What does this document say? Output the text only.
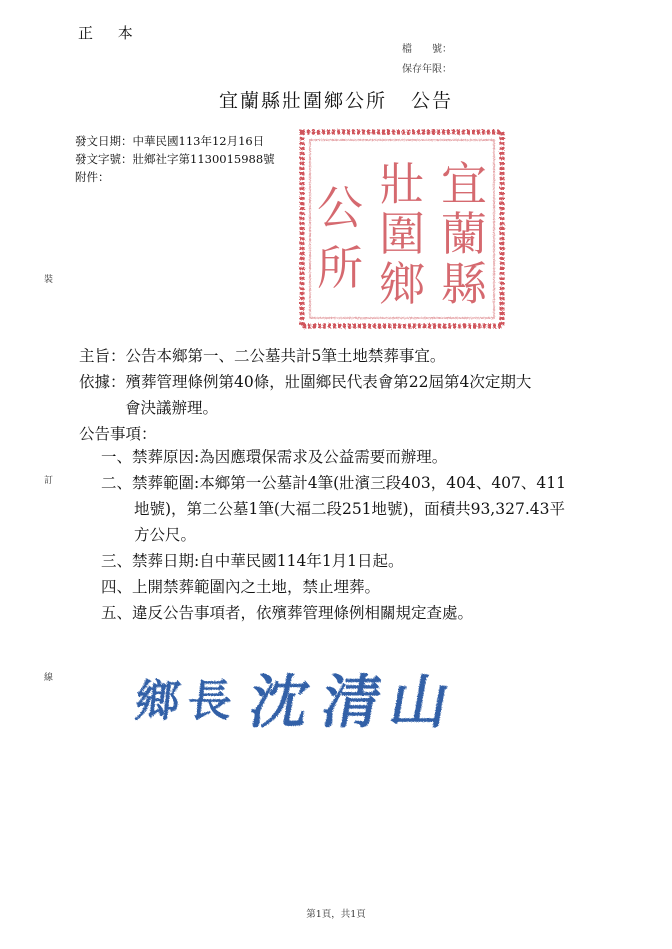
正 本
檔　　號：
保存年限：
宜蘭縣壯圍鄉公所 公告
發文日期：中華民國113年12月16日
發文字號：壯鄉社字第1130015988號
附件：	宜
蘭
縣
壯
圍
鄉
公
所
裝
訂
線
主旨：公告本鄉第一、二公墓共計5筆土地禁葬事宜。
依據：殯葬管理條例第40條，壯圍鄉民代表會第22屆第4次定期大
會決議辦理。
公告事項：
一、禁葬原因:為因應環保需求及公益需要而辦理。
二、禁葬範圍:本鄉第一公墓計4筆(壯濱三段403，404、407、411
地號)，第二公墓1筆(大福二段251地號)，面積共93,327.43平
方公尺。
三、禁葬日期:自中華民國114年1月1日起。
四、上開禁葬範圍內之土地，禁止埋葬。
五、違反公告事項者，依殯葬管理條例相關規定查處。
鄉 長 沈 清
山
第1頁，共1頁
